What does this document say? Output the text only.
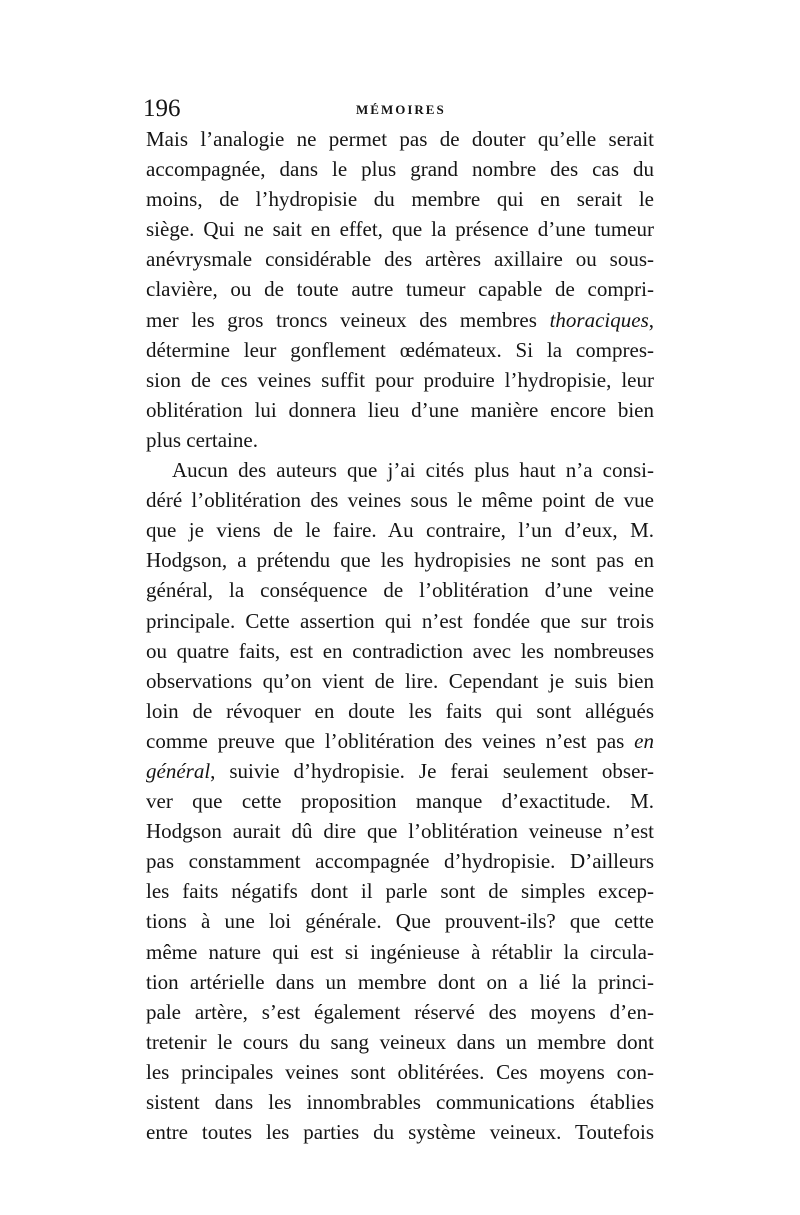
196	MÉMOIRES
Mais l’analogie ne permet pas de douter qu’elle serait
accompagnée, dans le plus grand nombre des cas du
moins, de l’hydropisie du membre qui en serait le
siège. Qui ne sait en effet, que la présence d’une tumeur
anévrysmale considérable des artères axillaire ou sous-
clavière, ou de toute autre tumeur capable de compri-
mer les gros troncs veineux des membres thoraciques,
détermine leur gonflement œdémateux. Si la compres-
sion de ces veines suffit pour produire l’hydropisie, leur
oblitération lui donnera lieu d’une manière encore bien
plus certaine.
Aucun des auteurs que j’ai cités plus haut n’a consi-
déré l’oblitération des veines sous le même point de vue
que je viens de le faire. Au contraire, l’un d’eux, M.
Hodgson, a prétendu que les hydropisies ne sont pas en
général, la conséquence de l’oblitération d’une veine
principale. Cette assertion qui n’est fondée que sur trois
ou quatre faits, est en contradiction avec les nombreuses
observations qu’on vient de lire. Cependant je suis bien
loin de révoquer en doute les faits qui sont allégués
comme preuve que l’oblitération des veines n’est pas en
général, suivie d’hydropisie. Je ferai seulement obser-
ver que cette proposition manque d’exactitude. M.
Hodgson aurait dû dire que l’oblitération veineuse n’est
pas constamment accompagnée d’hydropisie. D’ailleurs
les faits négatifs dont il parle sont de simples excep-
tions à une loi générale. Que prouvent-ils? que cette
même nature qui est si ingénieuse à rétablir la circula-
tion artérielle dans un membre dont on a lié la princi-
pale artère, s’est également réservé des moyens d’en-
tretenir le cours du sang veineux dans un membre dont
les principales veines sont oblitérées. Ces moyens con-
sistent dans les innombrables communications établies
entre toutes les parties du système veineux. Toutefois
